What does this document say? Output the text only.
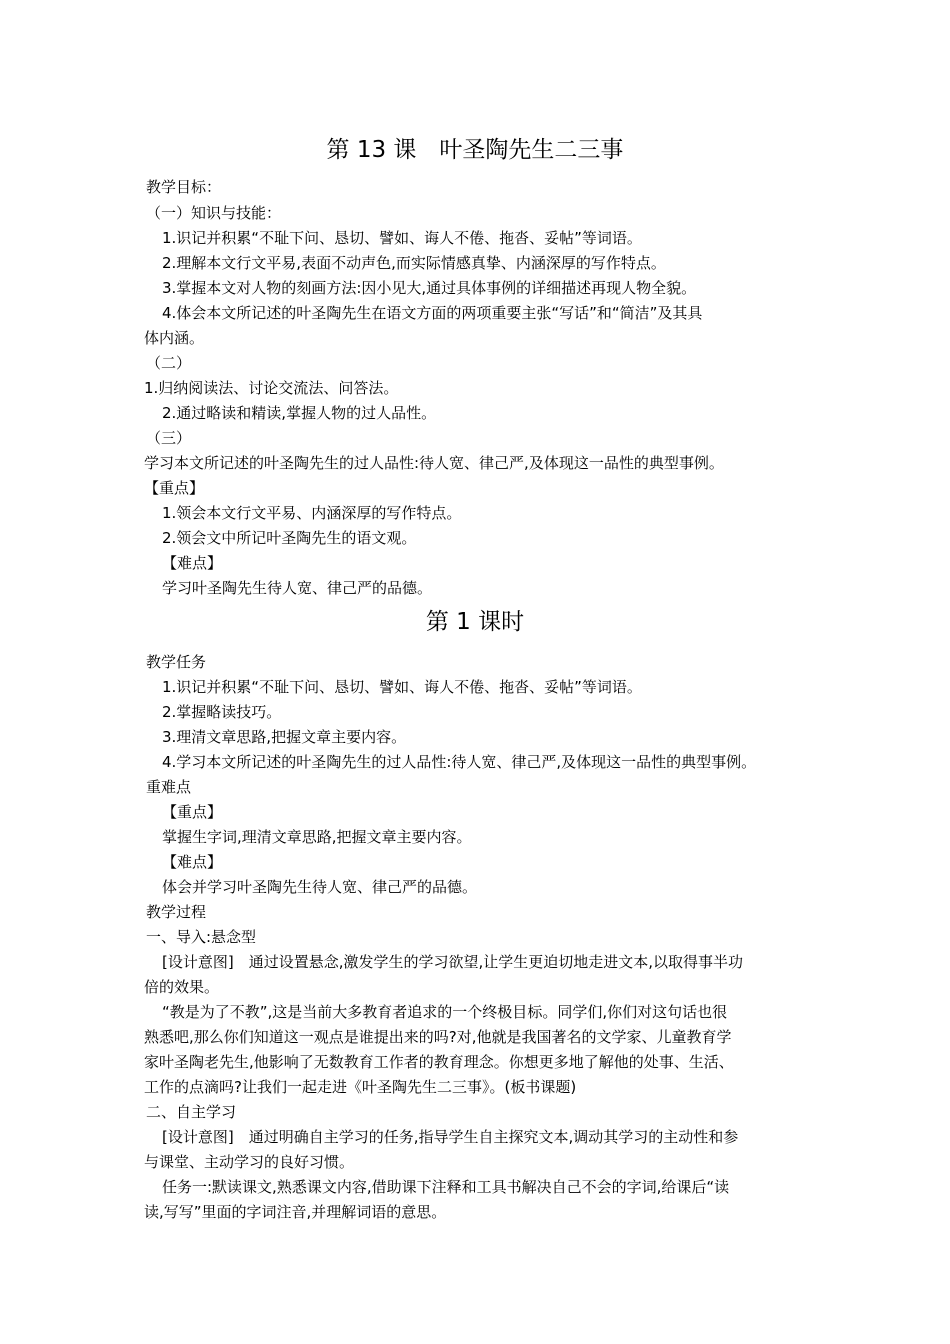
第 13 课　叶圣陶先生二三事
教学目标：
（一）知识与技能：
1.识记并积累“不耻下问、恳切、譬如、诲人不倦、拖沓、妥帖”等词语。
2.理解本文行文平易,表面不动声色,而实际情感真挚、内涵深厚的写作特点。
3.掌握本文对人物的刻画方法:因小见大,通过具体事例的详细描述再现人物全貌。
4.体会本文所记述的叶圣陶先生在语文方面的两项重要主张“写话”和“简洁”及其具
体内涵。
（二）
1.归纳阅读法、讨论交流法、问答法。
2.通过略读和精读,掌握人物的过人品性。
（三）
学习本文所记述的叶圣陶先生的过人品性:待人宽、律己严,及体现这一品性的典型事例。
【重点】
1.领会本文行文平易、内涵深厚的写作特点。
2.领会文中所记叶圣陶先生的语文观。
【难点】
学习叶圣陶先生待人宽、律己严的品德。
第 1 课时
教学任务
1.识记并积累“不耻下问、恳切、譬如、诲人不倦、拖沓、妥帖”等词语。
2.掌握略读技巧。
3.理清文章思路,把握文章主要内容。
4.学习本文所记述的叶圣陶先生的过人品性:待人宽、律己严,及体现这一品性的典型事例。
重难点
【重点】
掌握生字词,理清文章思路,把握文章主要内容。
【难点】
体会并学习叶圣陶先生待人宽、律己严的品德。
教学过程
一、导入:悬念型
[设计意图]　通过设置悬念,激发学生的学习欲望,让学生更迫切地走进文本,以取得事半功
倍的效果。
“教是为了不教”,这是当前大多教育者追求的一个终极目标。同学们,你们对这句话也很
熟悉吧,那么你们知道这一观点是谁提出来的吗?对,他就是我国著名的文学家、儿童教育学
家叶圣陶老先生,他影响了无数教育工作者的教育理念。你想更多地了解他的处事、生活、
工作的点滴吗?让我们一起走进《叶圣陶先生二三事》。(板书课题)
二、自主学习
[设计意图]　通过明确自主学习的任务,指导学生自主探究文本,调动其学习的主动性和参
与课堂、主动学习的良好习惯。
任务一:默读课文,熟悉课文内容,借助课下注释和工具书解决自己不会的字词,给课后“读
读,写写”里面的字词注音,并理解词语的意思。
